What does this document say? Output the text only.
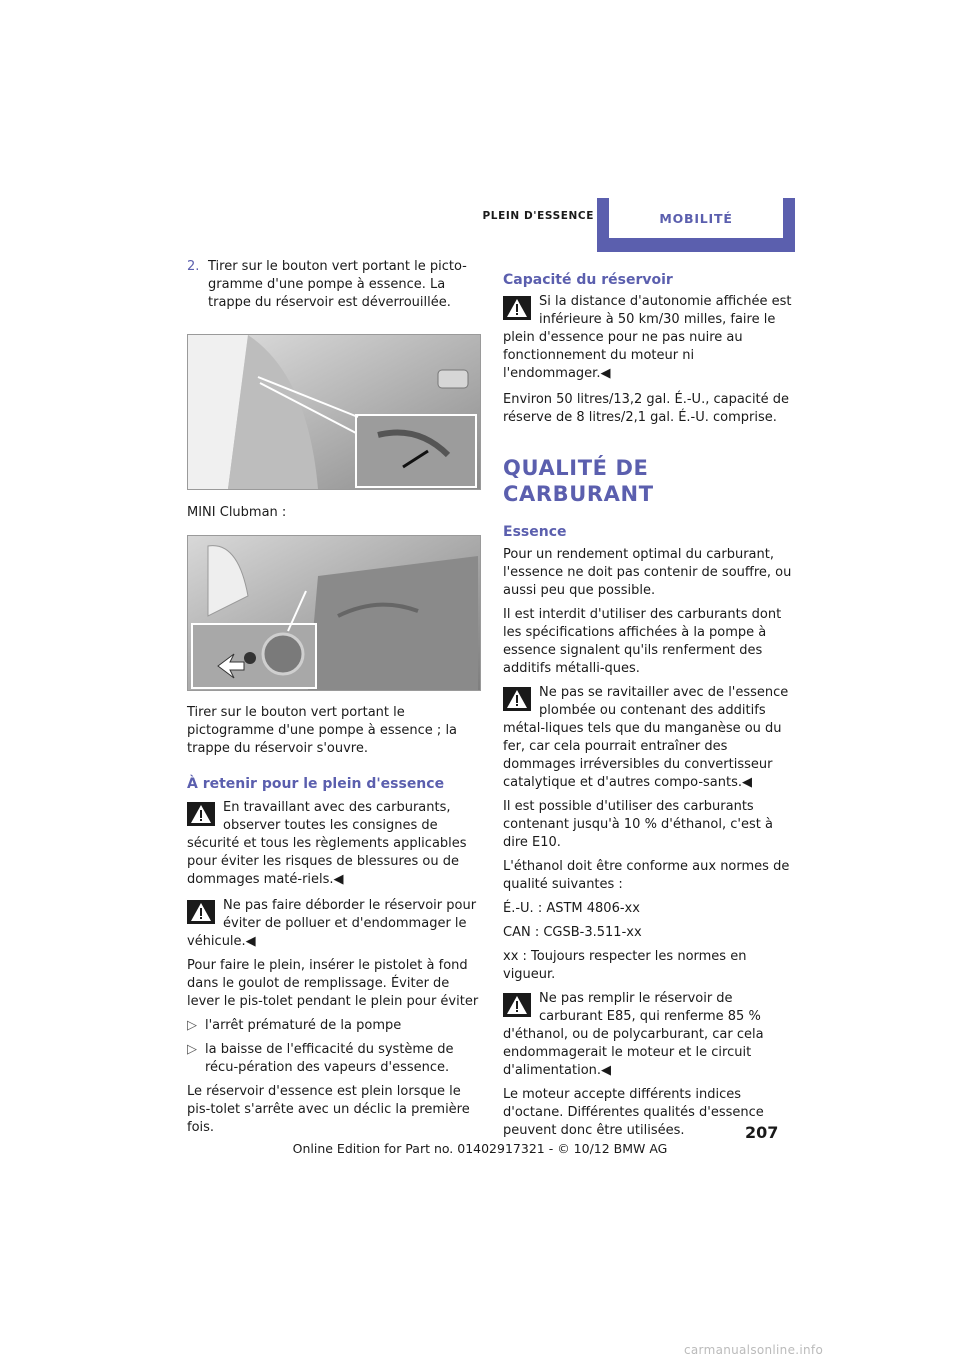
PLEIN D'ESSENCE	MOBILITÉ
2. Tirer sur le bouton vert portant le picto-gramme d'une pompe à essence. La trappe du réservoir est déverrouillée.

MINI Clubman :

Tirer sur le bouton vert portant le pictogramme d'une pompe à essence ; la trappe du réservoir s'ouvre.

À retenir pour le plein d'essence

En travaillant avec des carburants, observer toutes les consignes de sécurité et tous les règlements applicables pour éviter les risques de blessures ou de dommages maté-riels.◀

Ne pas faire déborder le réservoir pour éviter de polluer et d'endommager le véhicule.◀

Pour faire le plein, insérer le pistolet à fond dans le goulot de remplissage. Éviter de lever le pis-tolet pendant le plein pour éviter

▷ l'arrêt prématuré de la pompe

▷ la baisse de l'efficacité du système de récu-pération des vapeurs d'essence.

Le réservoir d'essence est plein lorsque le pis-tolet s'arrête avec un déclic la première fois.

Capacité du réservoir

Si la distance d'autonomie affichée est inférieure à 50 km/30 milles, faire le plein d'essence pour ne pas nuire au fonctionnement du moteur ni l'endommager.◀

Environ 50 litres/13,2 gal. É.-U., capacité de réserve de 8 litres/2,1 gal. É.-U. comprise.

QUALITÉ DE CARBURANT
Essence

Pour un rendement optimal du carburant, l'essence ne doit pas contenir de souffre, ou aussi peu que possible.

Il est interdit d'utiliser des carburants dont les spécifications affichées à la pompe à essence signalent qu'ils renferment des additifs métalli-ques.

Ne pas se ravitailler avec de l'essence plombée ou contenant des additifs métal-liques tels que du manganèse ou du fer, car cela pourrait entraîner des dommages irréversibles du convertisseur catalytique et d'autres compo-sants.◀

Il est possible d'utiliser des carburants contenant jusqu'à 10 % d'éthanol, c'est à dire E10.

L'éthanol doit être conforme aux normes de qualité suivantes :

É.-U. : ASTM 4806-xx

CAN : CGSB-3.511-xx

xx : Toujours respecter les normes en vigueur.

Ne pas remplir le réservoir de carburant E85, qui renferme 85 % d'éthanol, ou de polycarburant, car cela endommagerait le moteur et le circuit d'alimentation.◀

Le moteur accepte différents indices d'octane. Différentes qualités d'essence peuvent donc être utilisées.	207
Online Edition for Part no. 01402917321 - © 10/12 BMW AG
carmanualsonline.info
